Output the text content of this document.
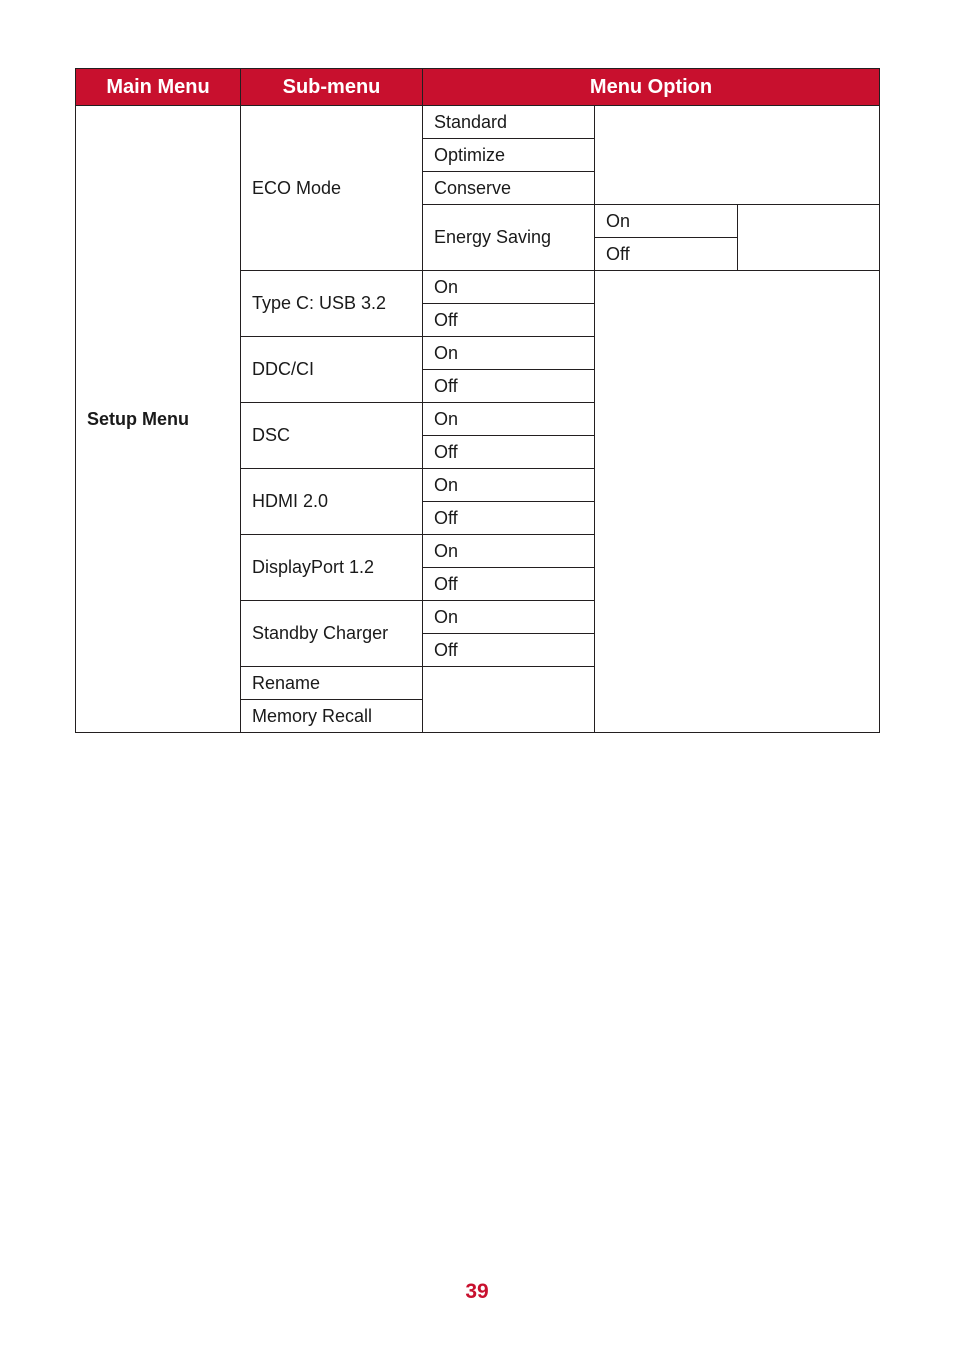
Main Menu	Sub-menu	Menu Option		
Setup Menu	ECO Mode	Standard		
		Optimize		
		Conserve		
		Energy Saving	On	
			Off	
	Type C: USB 3.2	On		
		Off		
	DDC/CI	On		
		Off		
	DSC	On		
		Off		
	HDMI 2.0	On		
		Off		
	DisplayPort 1.2	On		
		Off		
	Standby Charger	On		
		Off		
	Rename			
	Memory Recall			
39
